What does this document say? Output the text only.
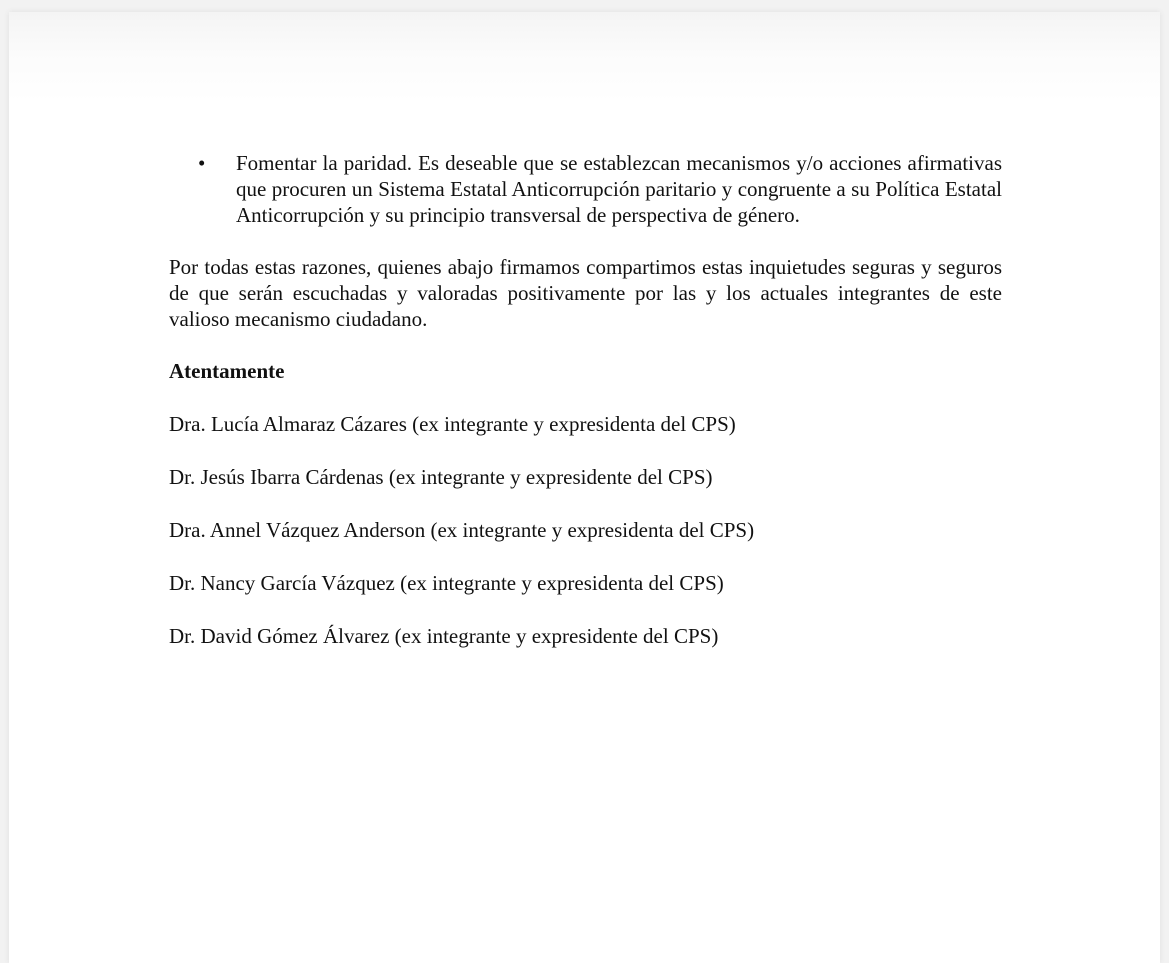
• Fomentar la paridad. Es deseable que se establezcan mecanismos y/o acciones afirmativas que procuren un Sistema Estatal Anticorrupción paritario y congruente a su Política Estatal Anticorrupción y su principio transversal de perspectiva de género.

Por todas estas razones, quienes abajo firmamos compartimos estas inquietudes seguras y seguros de que serán escuchadas y valoradas positivamente por las y los actuales integrantes de este valioso mecanismo ciudadano.

Atentamente

Dra. Lucía Almaraz Cázares (ex integrante y expresidenta del CPS)

Dr. Jesús Ibarra Cárdenas (ex integrante y expresidente del CPS)

Dra. Annel Vázquez Anderson (ex integrante y expresidenta del CPS)

Dr. Nancy García Vázquez (ex integrante y expresidenta del CPS)

Dr. David Gómez Álvarez (ex integrante y expresidente del CPS)
